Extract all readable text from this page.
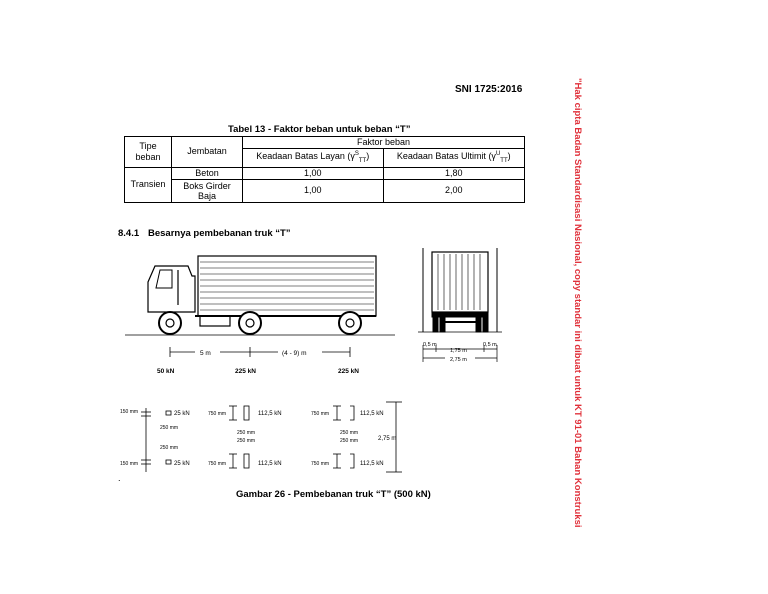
SNI 1725:2016	"Hak cipta Badan Standardisasi Nasional, copy standar ini dibuat untuk KT 91-01 Bahan Konstruksi
Tabel 13 - Faktor beban untuk beban “T”
Tipe beban	Jembatan	Faktor beban	
		Keadaan Batas Layan $(\gamma^S_{TT})$	Keadaan Batas Ultimit $(\gamma^U_{TT})$
Transien	Beton	1,00	1,80
	Boks Girder Baja	1,00	2,00
8.4.1 Besarnya pembebanan truk “T”
5 m	(4 - 9) m
50 kN	225 kN	225 kN
0,5 m
1,75 m
0,5 m
2,75 m
150 mm
150 mm
25 kN
25 kN
250 mm
250 mm
750 mm
750 mm
750 mm
750 mm
112,5 kN
112,5 kN
112,5 kN
112,5 kN
250 mm
250 mm
250 mm
250 mm	2,75 m
.
Gambar 26 - Pembebanan truk “T” (500 kN)
